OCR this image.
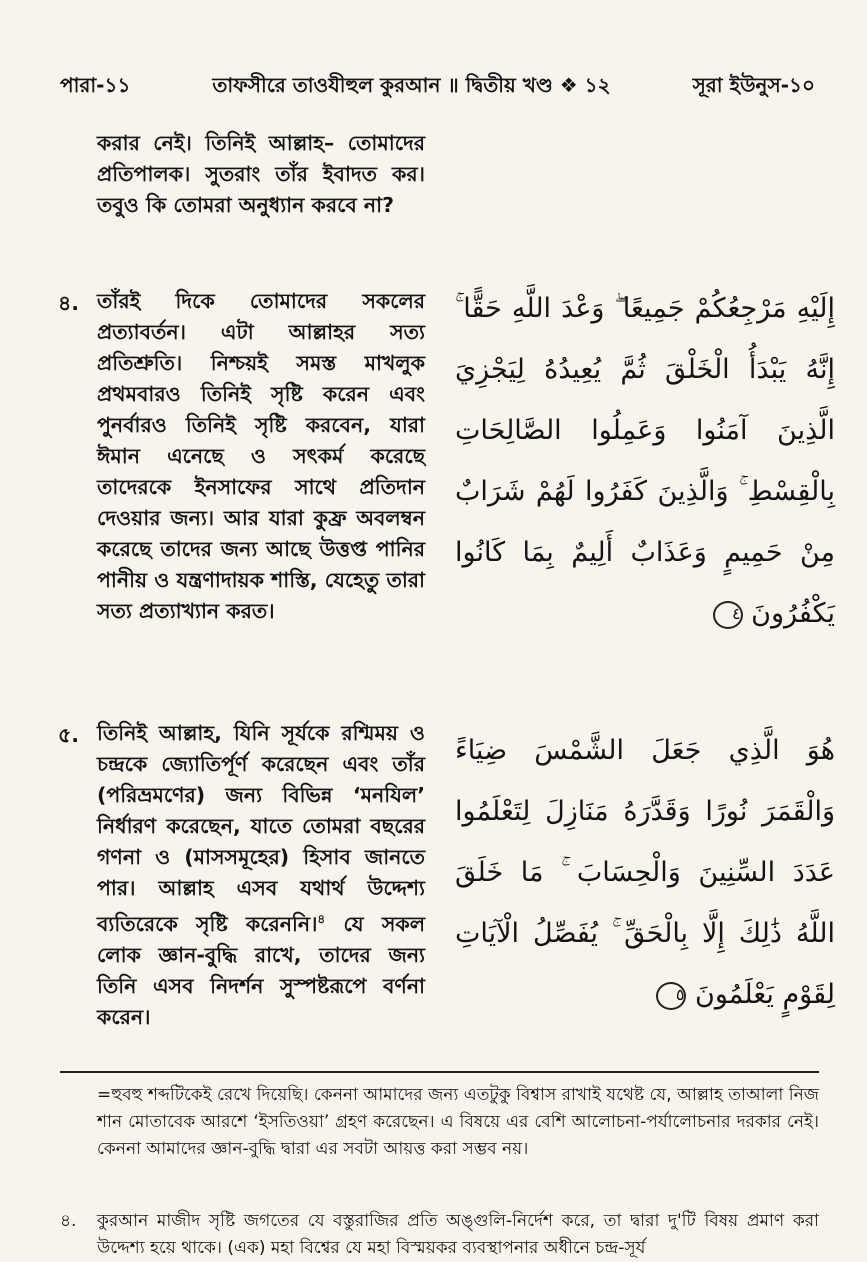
পারা-১১	তাফসীরে তাওযীহুল কুরআন ॥ দ্বিতীয় খণ্ড ❖ ১২	সূরা ইউনুস-১০

করার নেই। তিনিই আল্লাহ– তোমাদের প্রতিপালক। সুতরাং তাঁর ইবাদত কর। তবুও কি তোমরা অনুধ্যান করবে না?

৪. তাঁরই দিকে তোমাদের সকলের প্রত্যাবর্তন। এটা আল্লাহর সত্য প্রতিশ্রুতি। নিশ্চয়ই সমস্ত মাখলুক প্রথমবারও তিনিই সৃষ্টি করেন এবং পুনর্বারও তিনিই সৃষ্টি করবেন, যারা ঈমান এনেছে ও সৎকর্ম করেছে তাদেরকে ইনসাফের সাথে প্রতিদান দেওয়ার জন্য। আর যারা কুফ্র অবলম্বন করেছে তাদের জন্য আছে উত্তপ্ত পানির পানীয় ও যন্ত্রণাদায়ক শাস্তি, যেহেতু তারা সত্য প্রত্যাখ্যান করত।

إِلَيْهِ مَرْجِعُكُمْ جَمِيعًا ۖ وَعْدَ اللَّهِ حَقًّا ۚ إِنَّهُ يَبْدَأُ الْخَلْقَ ثُمَّ يُعِيدُهُ لِيَجْزِيَ الَّذِينَ آمَنُوا وَعَمِلُوا الصَّالِحَاتِ بِالْقِسْطِ ۚ وَالَّذِينَ كَفَرُوا لَهُمْ شَرَابٌ مِنْ حَمِيمٍ وَعَذَابٌ أَلِيمٌ بِمَا كَانُوا يَكْفُرُونَ ٤
৫. তিনিই আল্লাহ, যিনি সূর্যকে রশ্মিময় ও চন্দ্রকে জ্যোতির্পূর্ণ করেছেন এবং তাঁর (পরিভ্রমণের) জন্য বিভিন্ন ‘মনযিল’ নির্ধারণ করেছেন, যাতে তোমরা বছরের গণনা ও (মাসসমূহের) হিসাব জানতে পার। আল্লাহ এসব যথার্থ উদ্দেশ্য ব্যতিরেকে সৃষ্টি করেননি।$^৪$ যে সকল লোক জ্ঞান-বুদ্ধি রাখে, তাদের জন্য তিনি এসব নিদর্শন সুস্পষ্টরূপে বর্ণনা করেন।

هُوَ الَّذِي جَعَلَ الشَّمْسَ ضِيَاءً وَالْقَمَرَ نُورًا وَقَدَّرَهُ مَنَازِلَ لِتَعْلَمُوا عَدَدَ السِّنِينَ وَالْحِسَابَ ۚ مَا خَلَقَ اللَّهُ ذَٰلِكَ إِلَّا بِالْحَقِّ ۚ يُفَصِّلُ الْآيَاتِ لِقَوْمٍ يَعْلَمُونَ ٥
=হুবহু শব্দটিকেই রেখে দিয়েছি। কেননা আমাদের জন্য এতটুকু বিশ্বাস রাখাই যথেষ্ট যে, আল্লাহ তাআলা নিজ শান মোতাবেক আরশে ‘ইসতিওয়া’ গ্রহণ করেছেন। এ বিষয়ে এর বেশি আলোচনা-পর্যালোচনার দরকার নেই। কেননা আমাদের জ্ঞান-বুদ্ধি দ্বারা এর সবটা আয়ত্ত করা সম্ভব নয়।
৪. কুরআন মাজীদ সৃষ্টি জগতের যে বস্তুরাজির প্রতি অঙ্গুলি-নির্দেশ করে, তা দ্বারা দু'টি বিষয় প্রমাণ করা উদ্দেশ্য হয়ে থাকে। (এক) মহা বিশ্বের যে মহা বিস্ময়কর ব্যবস্থাপনার অধীনে চন্দ্র-সূর্য
